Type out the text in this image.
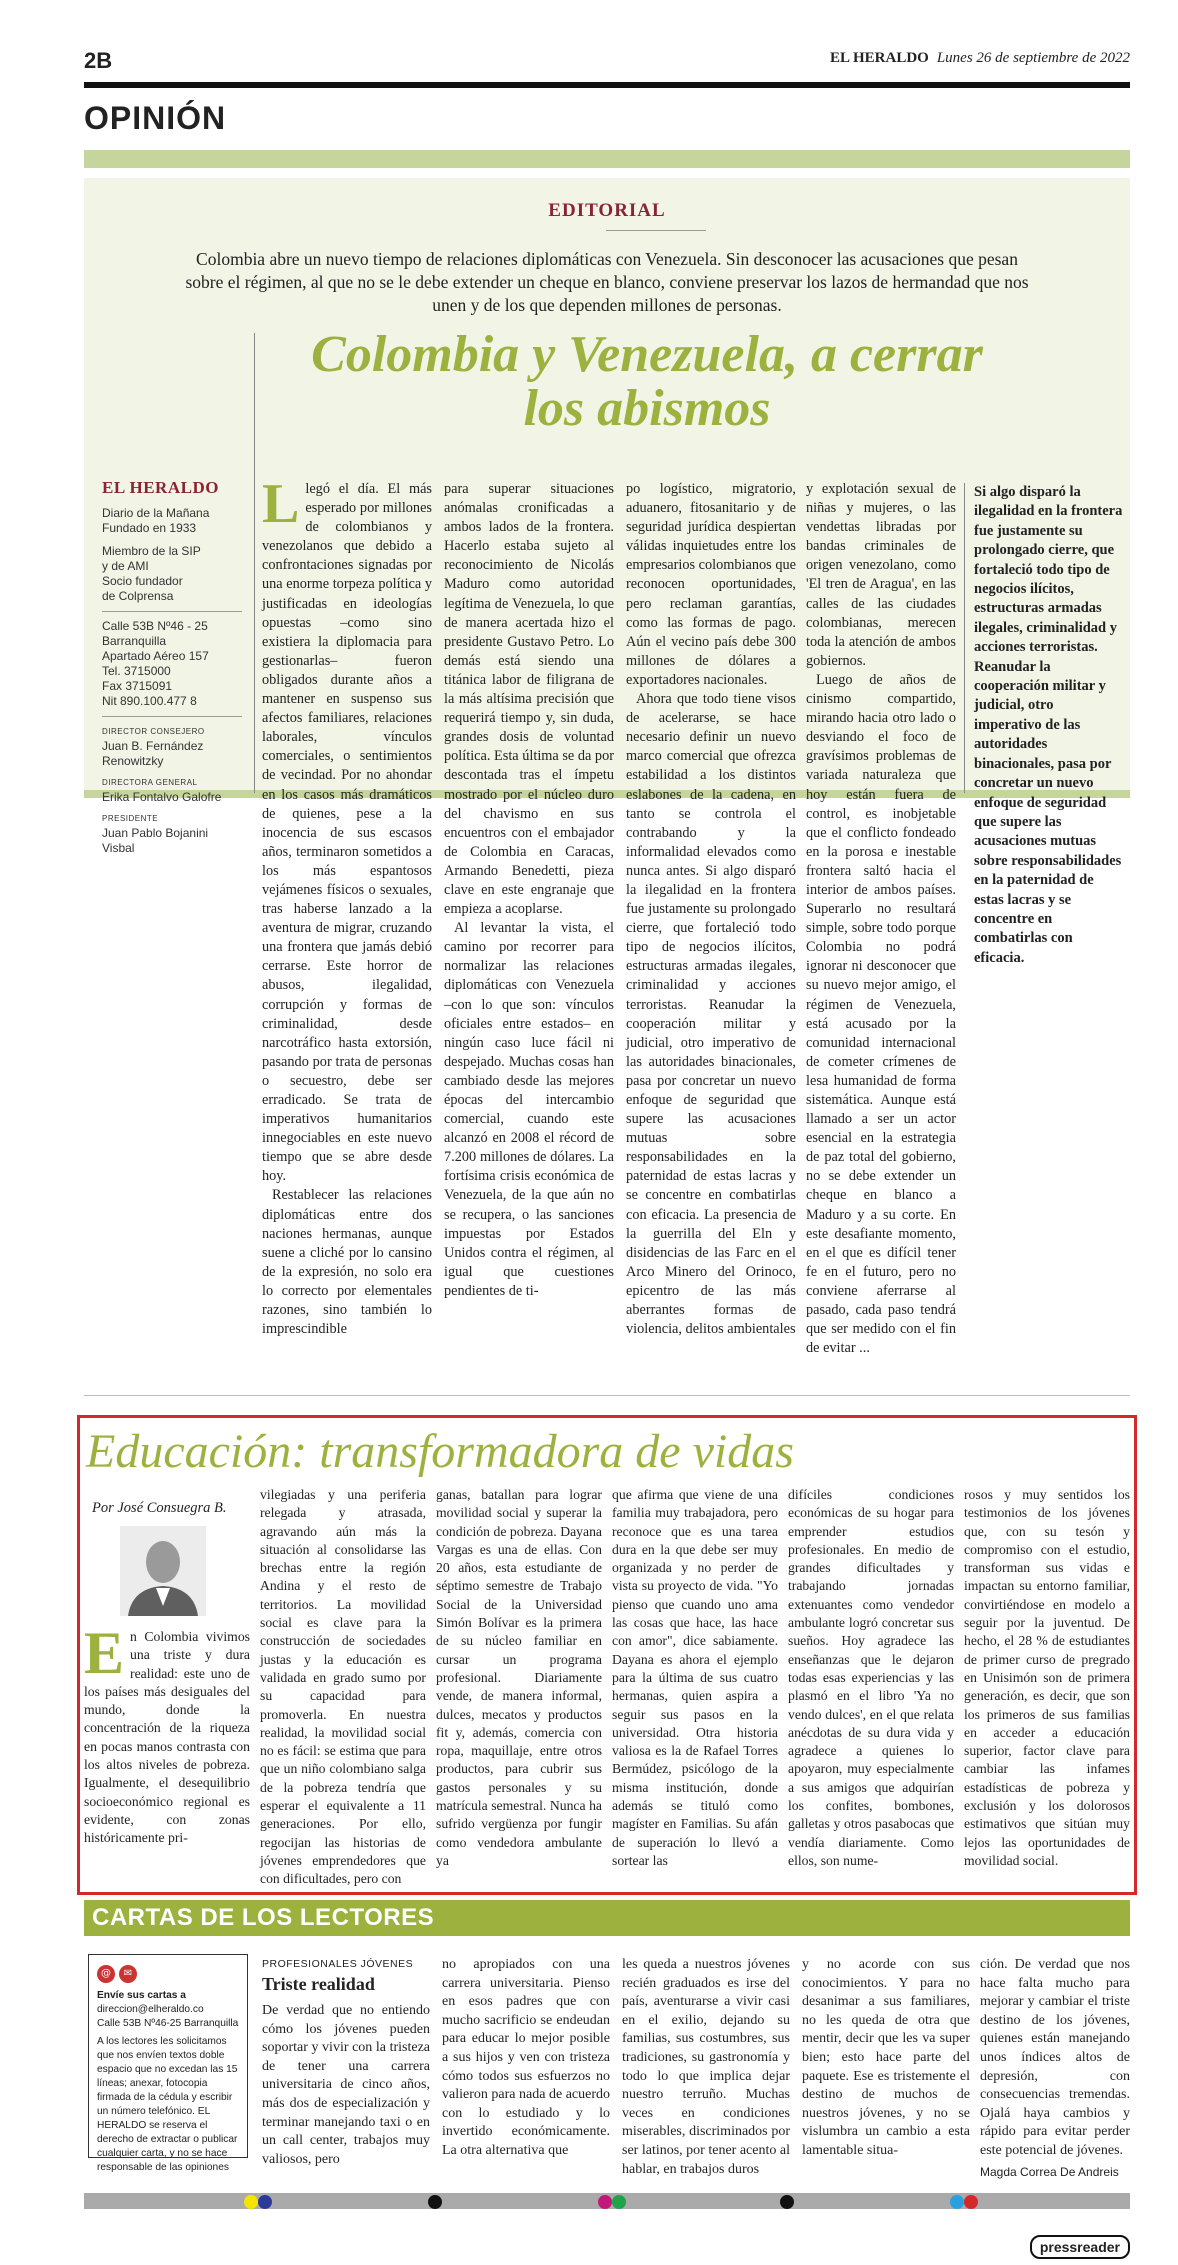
2B	EL HERALDO Lunes 26 de septiembre de 2022
OPINIÓN
EDITORIAL
Colombia abre un nuevo tiempo de relaciones diplomáticas con Venezuela. Sin desconocer las acusaciones que pesan sobre el régimen, al que no se le debe extender un cheque en blanco, conviene preservar los lazos de hermandad que nos unen y de los que dependen millones de personas.
Colombia y Venezuela, a cerrar los abismos
EL HERALDO
Diario de la Mañana
Fundado en 1933
Miembro de la SIP
y de AMI
Socio fundador
de Colprensa
Calle 53B Nº46 - 25
Barranquilla
Apartado Aéreo 157
Tel. 3715000
Fax 3715091
Nit 890.100.477 8
DIRECTOR CONSEJERO
Juan B. Fernández Renowitzky
DIRECTORA GENERAL
Erika Fontalvo Galofre
PRESIDENTE
Juan Pablo Bojanini Visbal
Llegó el día. El más esperado por millones de colombianos y venezolanos que debido a confrontaciones signadas por una enorme torpeza política y justificadas en ideologías opuestas –como sino existiera la diplomacia para gestionarlas– fueron obligados durante años a mantener en suspenso sus afectos familiares, relaciones laborales, vínculos comerciales, o sentimientos de vecindad. Por no ahondar en los casos más dramáticos de quienes, pese a la inocencia de sus escasos años, terminaron sometidos a los más espantosos vejámenes físicos o sexuales, tras haberse lanzado a la aventura de migrar, cruzando una frontera que jamás debió cerrarse. Este horror de abusos, ilegalidad, corrupción y formas de criminalidad, desde narcotráfico hasta extorsión, pasando por trata de personas o secuestro, debe ser erradicado. Se trata de imperativos humanitarios innegociables en este nuevo tiempo que se abre desde hoy.

Restablecer las relaciones diplomáticas entre dos naciones hermanas, aunque suene a cliché por lo cansino de la expresión, no solo era lo correcto por elementales razones, sino también lo imprescindible

para superar situaciones anómalas cronificadas a ambos lados de la frontera. Hacerlo estaba sujeto al reconocimiento de Nicolás Maduro como autoridad legítima de Venezuela, lo que de manera acertada hizo el presidente Gustavo Petro. Lo demás está siendo una titánica labor de filigrana de la más altísima precisión que requerirá tiempo y, sin duda, grandes dosis de voluntad política. Esta última se da por descontada tras el ímpetu mostrado por el núcleo duro del chavismo en sus encuentros con el embajador de Colombia en Caracas, Armando Benedetti, pieza clave en este engranaje que empieza a acoplarse.

Al levantar la vista, el camino por recorrer para normalizar las relaciones diplomáticas con Venezuela –con lo que son: vínculos oficiales entre estados– en ningún caso luce fácil ni despejado. Muchas cosas han cambiado desde las mejores épocas del intercambio comercial, cuando este alcanzó en 2008 el récord de 7.200 millones de dólares. La fortísima crisis económica de Venezuela, de la que aún no se recupera, o las sanciones impuestas por Estados Unidos contra el régimen, al igual que cuestiones pendientes de ti-

po logístico, migratorio, aduanero, fitosanitario y de seguridad jurídica despiertan válidas inquietudes entre los empresarios colombianos que reconocen oportunidades, pero reclaman garantías, como las formas de pago. Aún el vecino país debe 300 millones de dólares a exportadores nacionales.

Ahora que todo tiene visos de acelerarse, se hace necesario definir un nuevo marco comercial que ofrezca estabilidad a los distintos eslabones de la cadena, en tanto se controla el contrabando y la informalidad elevados como nunca antes. Si algo disparó la ilegalidad en la frontera fue justamente su prolongado cierre, que fortaleció todo tipo de negocios ilícitos, estructuras armadas ilegales, criminalidad y acciones terroristas. Reanudar la cooperación militar y judicial, otro imperativo de las autoridades binacionales, pasa por concretar un nuevo enfoque de seguridad que supere las acusaciones mutuas sobre responsabilidades en la paternidad de estas lacras y se concentre en combatirlas con eficacia. La presencia de la guerrilla del Eln y disidencias de las Farc en el Arco Minero del Orinoco, epicentro de las más aberrantes formas de violencia, delitos ambientales

y explotación sexual de niñas y mujeres, o las vendettas libradas por bandas criminales de origen venezolano, como 'El tren de Aragua', en las calles de las ciudades colombianas, merecen toda la atención de ambos gobiernos.

Luego de años de cinismo compartido, mirando hacia otro lado o desviando el foco de gravísimos problemas de variada naturaleza que hoy están fuera de control, es inobjetable que el conflicto fondeado en la porosa e inestable frontera saltó hacia el interior de ambos países. Superarlo no resultará simple, sobre todo porque Colombia no podrá ignorar ni desconocer que su nuevo mejor amigo, el régimen de Venezuela, está acusado por la comunidad internacional de cometer crímenes de lesa humanidad de forma sistemática. Aunque está llamado a ser un actor esencial en la estrategia de paz total del gobierno, no se debe extender un cheque en blanco a Maduro y a su corte. En este desafiante momento, en el que es difícil tener fe en el futuro, pero no conviene aferrarse al pasado, cada paso tendrá que ser medido con el fin de evitar ...

Si algo disparó la ilegalidad en la frontera fue justamente su prolongado cierre, que fortaleció todo tipo de negocios ilícitos, estructuras armadas ilegales, criminalidad y acciones terroristas. Reanudar la cooperación militar y judicial, otro imperativo de las autoridades binacionales, pasa por concretar un nuevo enfoque de seguridad que supere las acusaciones mutuas sobre responsabilidades en la paternidad de estas lacras y se concentre en combatirlas con eficacia.
Educación: transformadora de vidas
Por José Consuegra B.
En Colombia vivimos una triste y dura realidad: este uno de los países más desiguales del mundo, donde la concentración de la riqueza en pocas manos contrasta con los altos niveles de pobreza. Igualmente, el desequilibrio socioeconómico regional es evidente, con zonas históricamente pri-
vilegiadas y una periferia relegada y atrasada, agravando aún más la situación al consolidarse las brechas entre la región Andina y el resto de territorios. La movilidad social es clave para la construcción de sociedades justas y la educación es validada en grado sumo por su capacidad para promoverla. En nuestra realidad, la movilidad social no es fácil: se estima que para que un niño colombiano salga de la pobreza tendría que esperar el equivalente a 11 generaciones. Por ello, regocijan las historias de jóvenes emprendedores que con dificultades, pero con
ganas, batallan para lograr movilidad social y superar la condición de pobreza. Dayana Vargas es una de ellas. Con 20 años, esta estudiante de séptimo semestre de Trabajo Social de la Universidad Simón Bolívar es la primera de su núcleo familiar en cursar un programa profesional. Diariamente vende, de manera informal, dulces, mecatos y productos fit y, además, comercia con ropa, maquillaje, entre otros productos, para cubrir sus gastos personales y su matrícula semestral. Nunca ha sufrido vergüenza por fungir como vendedora ambulante ya
que afirma que viene de una familia muy trabajadora, pero reconoce que es una tarea dura en la que debe ser muy organizada y no perder de vista su proyecto de vida. "Yo pienso que cuando uno ama las cosas que hace, las hace con amor", dice sabiamente. Dayana es ahora el ejemplo para la última de sus cuatro hermanas, quien aspira a seguir sus pasos en la universidad. Otra historia valiosa es la de Rafael Torres Bermúdez, psicólogo de la misma institución, donde además se tituló como magíster en Familias. Su afán de superación lo llevó a sortear las
difíciles condiciones económicas de su hogar para emprender estudios profesionales. En medio de grandes dificultades y trabajando jornadas extenuantes como vendedor ambulante logró concretar sus sueños. Hoy agradece las enseñanzas que le dejaron todas esas experiencias y las plasmó en el libro 'Ya no vendo dulces', en el que relata anécdotas de su dura vida y agradece a quienes lo apoyaron, muy especialmente a sus amigos que adquirían los confites, bombones, galletas y otros pasabocas que vendía diariamente. Como ellos, son nume-
rosos y muy sentidos los testimonios de los jóvenes que, con su tesón y compromiso con el estudio, transforman sus vidas e impactan su entorno familiar, convirtiéndose en modelo a seguir por la juventud. De hecho, el 28 % de estudiantes de primer curso de pregrado en Unisimón son de primera generación, es decir, que son los primeros de sus familias en acceder a educación superior, factor clave para cambiar las infames estadísticas de pobreza y exclusión y los dolorosos estimativos que sitúan muy lejos las oportunidades de movilidad social.
CARTAS DE LOS LECTORES
@ ✉
Envíe sus cartas a
direccion@elheraldo.co
Calle 53B Nº46-25 Barranquilla
A los lectores les solicitamos que nos envíen textos doble espacio que no excedan las 15 líneas; anexar, fotocopia firmada de la cédula y escribir un número telefónico. EL HERALDO se reserva el derecho de extractar o publicar cualquier carta, y no se hace responsable de las opiniones
PROFESIONALES JÓVENES
Triste realidad
De verdad que no entiendo cómo los jóvenes pueden soportar y vivir con la tristeza de tener una carrera universitaria de cinco años, más dos de especialización y terminar manejando taxi o en un call center, trabajos muy valiosos, pero
no apropiados con una carrera universitaria. Pienso en esos padres que con mucho sacrificio se endeudan para educar lo mejor posible a sus hijos y ven con tristeza cómo todos sus esfuerzos no valieron para nada de acuerdo con lo estudiado y lo invertido económicamente. La otra alternativa que
les queda a nuestros jóvenes recién graduados es irse del país, aventurarse a vivir casi en el exilio, dejando su familias, sus costumbres, sus tradiciones, su gastronomía y todo lo que implica dejar nuestro terruño. Muchas veces en condiciones miserables, discriminados por ser latinos, por tener acento al hablar, en trabajos duros
y no acorde con sus conocimientos. Y para no desanimar a sus familiares, no les queda de otra que mentir, decir que les va super bien; esto hace parte del paquete. Ese es tristemente el destino de muchos de nuestros jóvenes, y no se vislumbra un cambio a esta lamentable situa-
ción. De verdad que nos hace falta mucho para mejorar y cambiar el triste destino de los jóvenes, quienes están manejando unos índices altos de depresión, con consecuencias tremendas. Ojalá haya cambios y rápido para evitar perder este potencial de jóvenes.
Magda Correa De Andreis
pressreader
